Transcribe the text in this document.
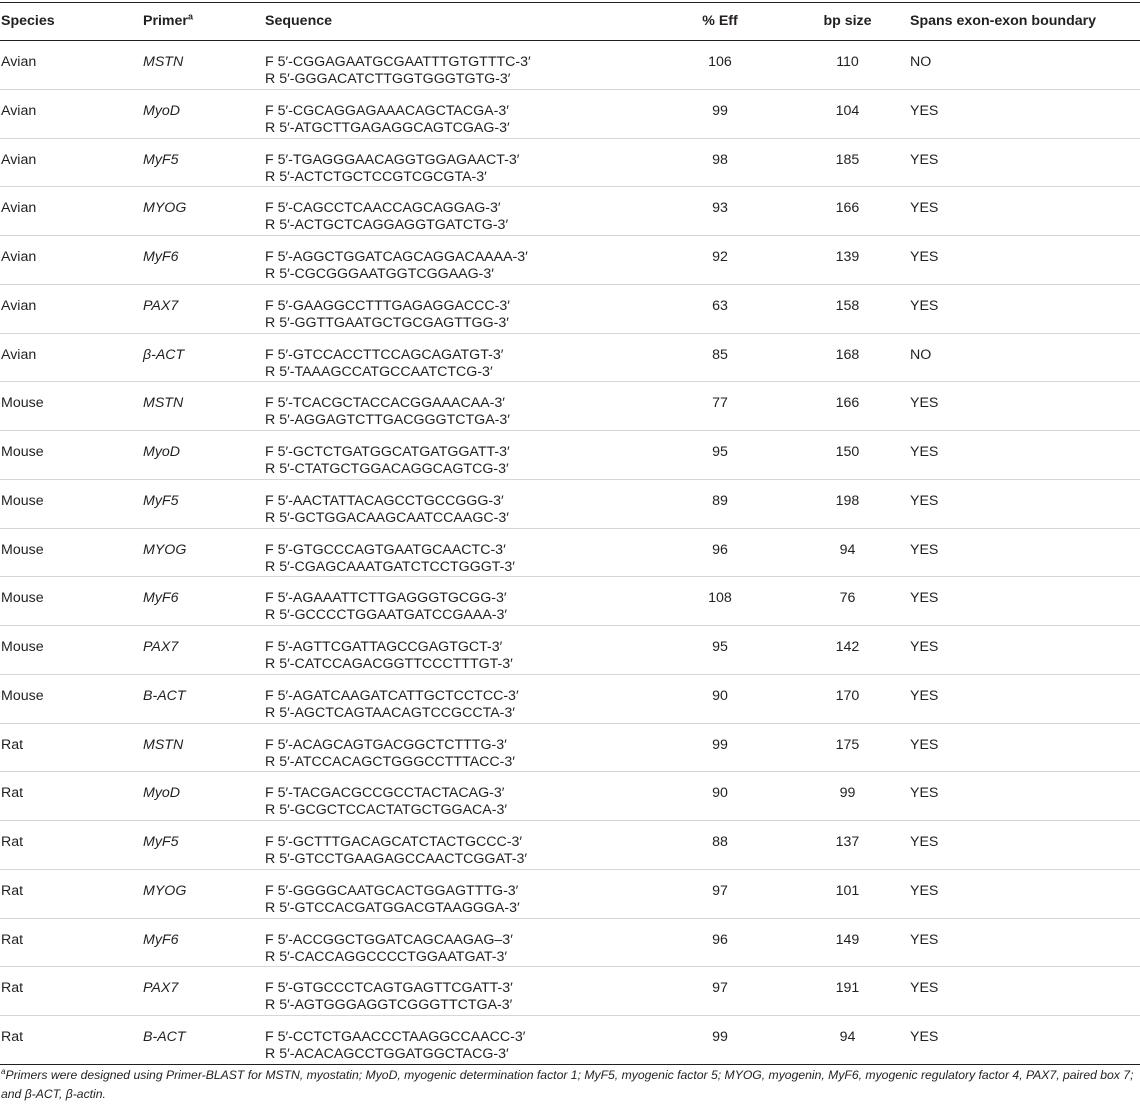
Species	Primer$^a$	Sequence	% Eff	bp size	Spans exon-exon boundary

Avian	MSTN	F 5′-CGGAGAATGCGAATTTGTGTTTC-3′
R 5′-GGGACATCTTGGTGGGTGTG-3′	106	110	NO

Avian	MyoD	F 5′-CGCAGGAGAAACAGCTACGA-3′
R 5′-ATGCTTGAGAGGCAGTCGAG-3′	99	104	YES

Avian	MyF5	F 5′-TGAGGGAACAGGTGGAGAACT-3′
R 5′-ACTCTGCTCCGTCGCGTA-3′	98	185	YES

Avian	MYOG	F 5′-CAGCCTCAACCAGCAGGAG-3′
R 5′-ACTGCTCAGGAGGTGATCTG-3′	93	166	YES

Avian	MyF6	F 5′-AGGCTGGATCAGCAGGACAAAA-3′
R 5′-CGCGGGAATGGTCGGAAG-3′	92	139	YES

Avian	PAX7	F 5′-GAAGGCCTTTGAGAGGACCC-3′
R 5′-GGTTGAATGCTGCGAGTTGG-3′	63	158	YES

Avian	β-ACT	F 5′-GTCCACCTTCCAGCAGATGT-3′
R 5′-TAAAGCCATGCCAATCTCG-3′	85	168	NO

Mouse	MSTN	F 5′-TCACGCTACCACGGAAACAA-3′
R 5′-AGGAGTCTTGACGGGTCTGA-3′	77	166	YES

Mouse	MyoD	F 5′-GCTCTGATGGCATGATGGATT-3′
R 5′-CTATGCTGGACAGGCAGTCG-3′	95	150	YES

Mouse	MyF5	F 5′-AACTATTACAGCCTGCCGGG-3′
R 5′-GCTGGACAAGCAATCCAAGC-3′	89	198	YES

Mouse	MYOG	F 5′-GTGCCCAGTGAATGCAACTC-3′
R 5′-CGAGCAAATGATCTCCTGGGT-3′	96	94	YES

Mouse	MyF6	F 5′-AGAAATTCTTGAGGGTGCGG-3′
R 5′-GCCCCTGGAATGATCCGAAA-3′	108	76	YES

Mouse	PAX7	F 5′-AGTTCGATTAGCCGAGTGCT-3′
R 5′-CATCCAGACGGTTCCCTTTGT-3′	95	142	YES

Mouse	B-ACT	F 5′-AGATCAAGATCATTGCTCCTCC-3′
R 5′-AGCTCAGTAACAGTCCGCCTA-3′	90	170	YES

Rat	MSTN	F 5′-ACAGCAGTGACGGCTCTTTG-3′
R 5′-ATCCACAGCTGGGCCTTTACC-3′	99	175	YES

Rat	MyoD	F 5′-TACGACGCCGCCTACTACAG-3′
R 5′-GCGCTCCACTATGCTGGACA-3′	90	99	YES

Rat	MyF5	F 5′-GCTTTGACAGCATCTACTGCCC-3′
R 5′-GTCCTGAAGAGCCAACTCGGAT-3′	88	137	YES

Rat	MYOG	F 5′-GGGGCAATGCACTGGAGTTTG-3′
R 5′-GTCCACGATGGACGTAAGGGA-3′	97	101	YES

Rat	MyF6	F 5′-ACCGGCTGGATCAGCAAGAG–3′
R 5′-CACCAGGCCCCTGGAATGAT-3′	96	149	YES

Rat	PAX7	F 5′-GTGCCCTCAGTGAGTTCGATT-3′
R 5′-AGTGGGAGGTCGGGTTCTGA-3′	97	191	YES

Rat	B-ACT	F 5′-CCTCTGAACCCTAAGGCCAACC-3′
R 5′-ACACAGCCTGGATGGCTACG-3′	99	94	YES
$^a$Primers were designed using Primer-BLAST for MSTN, myostatin; MyoD, myogenic determination factor 1; MyF5, myogenic factor 5; MYOG, myogenin, MyF6, myogenic regulatory factor 4, PAX7, paired box 7; and β-ACT, β-actin.
